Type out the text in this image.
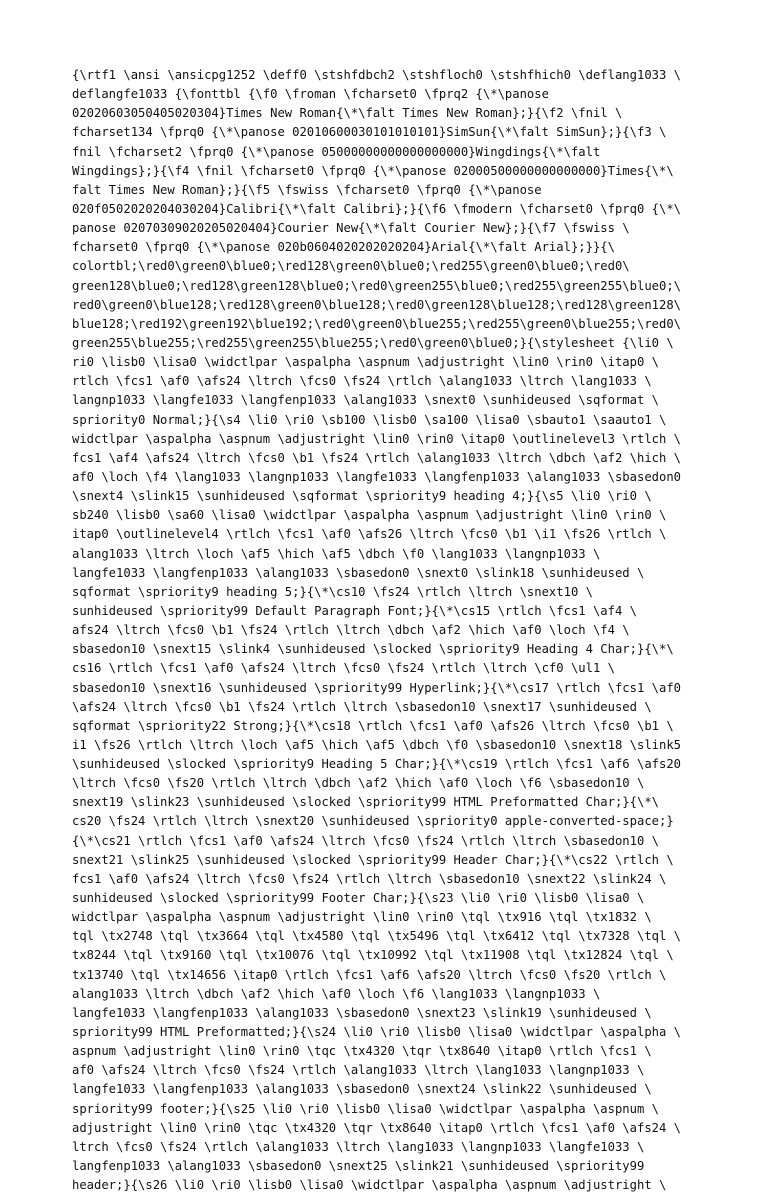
{\rtf1 \ansi \ansicpg1252 \deff0 \stshfdbch2 \stshfloch0 \stshfhich0 \deflang1033 \
deflangfe1033 {\fonttbl {\f0 \froman \fcharset0 \fprq2 {\*\panose
02020603050405020304}Times New Roman{\*\falt Times New Roman};}{\f2 \fnil \
fcharset134 \fprq0 {\*\panose 02010600030101010101}SimSun{\*\falt SimSun};}{\f3 \
fnil \fcharset2 \fprq0 {\*\panose 05000000000000000000}Wingdings{\*\falt
Wingdings};}{\f4 \fnil \fcharset0 \fprq0 {\*\panose 02000500000000000000}Times{\*\
falt Times New Roman};}{\f5 \fswiss \fcharset0 \fprq0 {\*\panose
020f0502020204030204}Calibri{\*\falt Calibri};}{\f6 \fmodern \fcharset0 \fprq0 {\*\
panose 02070309020205020404}Courier New{\*\falt Courier New};}{\f7 \fswiss \
fcharset0 \fprq0 {\*\panose 020b0604020202020204}Arial{\*\falt Arial};}}{\
colortbl;\red0\green0\blue0;\red128\green0\blue0;\red255\green0\blue0;\red0\
green128\blue0;\red128\green128\blue0;\red0\green255\blue0;\red255\green255\blue0;\
red0\green0\blue128;\red128\green0\blue128;\red0\green128\blue128;\red128\green128\
blue128;\red192\green192\blue192;\red0\green0\blue255;\red255\green0\blue255;\red0\
green255\blue255;\red255\green255\blue255;\red0\green0\blue0;}{\stylesheet {\li0 \
ri0 \lisb0 \lisa0 \widctlpar \aspalpha \aspnum \adjustright \lin0 \rin0 \itap0 \
rtlch \fcs1 \af0 \afs24 \ltrch \fcs0 \fs24 \rtlch \alang1033 \ltrch \lang1033 \
langnp1033 \langfe1033 \langfenp1033 \alang1033 \snext0 \sunhideused \sqformat \
spriority0 Normal;}{\s4 \li0 \ri0 \sb100 \lisb0 \sa100 \lisa0 \sbauto1 \saauto1 \
widctlpar \aspalpha \aspnum \adjustright \lin0 \rin0 \itap0 \outlinelevel3 \rtlch \
fcs1 \af4 \afs24 \ltrch \fcs0 \b1 \fs24 \rtlch \alang1033 \ltrch \dbch \af2 \hich \
af0 \loch \f4 \lang1033 \langnp1033 \langfe1033 \langfenp1033 \alang1033 \sbasedon0
\snext4 \slink15 \sunhideused \sqformat \spriority9 heading 4;}{\s5 \li0 \ri0 \
sb240 \lisb0 \sa60 \lisa0 \widctlpar \aspalpha \aspnum \adjustright \lin0 \rin0 \
itap0 \outlinelevel4 \rtlch \fcs1 \af0 \afs26 \ltrch \fcs0 \b1 \i1 \fs26 \rtlch \
alang1033 \ltrch \loch \af5 \hich \af5 \dbch \f0 \lang1033 \langnp1033 \
langfe1033 \langfenp1033 \alang1033 \sbasedon0 \snext0 \slink18 \sunhideused \
sqformat \spriority9 heading 5;}{\*\cs10 \fs24 \rtlch \ltrch \snext10 \
sunhideused \spriority99 Default Paragraph Font;}{\*\cs15 \rtlch \fcs1 \af4 \
afs24 \ltrch \fcs0 \b1 \fs24 \rtlch \ltrch \dbch \af2 \hich \af0 \loch \f4 \
sbasedon10 \snext15 \slink4 \sunhideused \slocked \spriority9 Heading 4 Char;}{\*\
cs16 \rtlch \fcs1 \af0 \afs24 \ltrch \fcs0 \fs24 \rtlch \ltrch \cf0 \ul1 \
sbasedon10 \snext16 \sunhideused \spriority99 Hyperlink;}{\*\cs17 \rtlch \fcs1 \af0
\afs24 \ltrch \fcs0 \b1 \fs24 \rtlch \ltrch \sbasedon10 \snext17 \sunhideused \
sqformat \spriority22 Strong;}{\*\cs18 \rtlch \fcs1 \af0 \afs26 \ltrch \fcs0 \b1 \
i1 \fs26 \rtlch \ltrch \loch \af5 \hich \af5 \dbch \f0 \sbasedon10 \snext18 \slink5
\sunhideused \slocked \spriority9 Heading 5 Char;}{\*\cs19 \rtlch \fcs1 \af6 \afs20
\ltrch \fcs0 \fs20 \rtlch \ltrch \dbch \af2 \hich \af0 \loch \f6 \sbasedon10 \
snext19 \slink23 \sunhideused \slocked \spriority99 HTML Preformatted Char;}{\*\
cs20 \fs24 \rtlch \ltrch \snext20 \sunhideused \spriority0 apple-converted-space;}
{\*\cs21 \rtlch \fcs1 \af0 \afs24 \ltrch \fcs0 \fs24 \rtlch \ltrch \sbasedon10 \
snext21 \slink25 \sunhideused \slocked \spriority99 Header Char;}{\*\cs22 \rtlch \
fcs1 \af0 \afs24 \ltrch \fcs0 \fs24 \rtlch \ltrch \sbasedon10 \snext22 \slink24 \
sunhideused \slocked \spriority99 Footer Char;}{\s23 \li0 \ri0 \lisb0 \lisa0 \
widctlpar \aspalpha \aspnum \adjustright \lin0 \rin0 \tql \tx916 \tql \tx1832 \
tql \tx2748 \tql \tx3664 \tql \tx4580 \tql \tx5496 \tql \tx6412 \tql \tx7328 \tql \
tx8244 \tql \tx9160 \tql \tx10076 \tql \tx10992 \tql \tx11908 \tql \tx12824 \tql \
tx13740 \tql \tx14656 \itap0 \rtlch \fcs1 \af6 \afs20 \ltrch \fcs0 \fs20 \rtlch \
alang1033 \ltrch \dbch \af2 \hich \af0 \loch \f6 \lang1033 \langnp1033 \
langfe1033 \langfenp1033 \alang1033 \sbasedon0 \snext23 \slink19 \sunhideused \
spriority99 HTML Preformatted;}{\s24 \li0 \ri0 \lisb0 \lisa0 \widctlpar \aspalpha \
aspnum \adjustright \lin0 \rin0 \tqc \tx4320 \tqr \tx8640 \itap0 \rtlch \fcs1 \
af0 \afs24 \ltrch \fcs0 \fs24 \rtlch \alang1033 \ltrch \lang1033 \langnp1033 \
langfe1033 \langfenp1033 \alang1033 \sbasedon0 \snext24 \slink22 \sunhideused \
spriority99 footer;}{\s25 \li0 \ri0 \lisb0 \lisa0 \widctlpar \aspalpha \aspnum \
adjustright \lin0 \rin0 \tqc \tx4320 \tqr \tx8640 \itap0 \rtlch \fcs1 \af0 \afs24 \
ltrch \fcs0 \fs24 \rtlch \alang1033 \ltrch \lang1033 \langnp1033 \langfe1033 \
langfenp1033 \alang1033 \sbasedon0 \snext25 \slink21 \sunhideused \spriority99
header;}{\s26 \li0 \ri0 \lisb0 \lisa0 \widctlpar \aspalpha \aspnum \adjustright \
